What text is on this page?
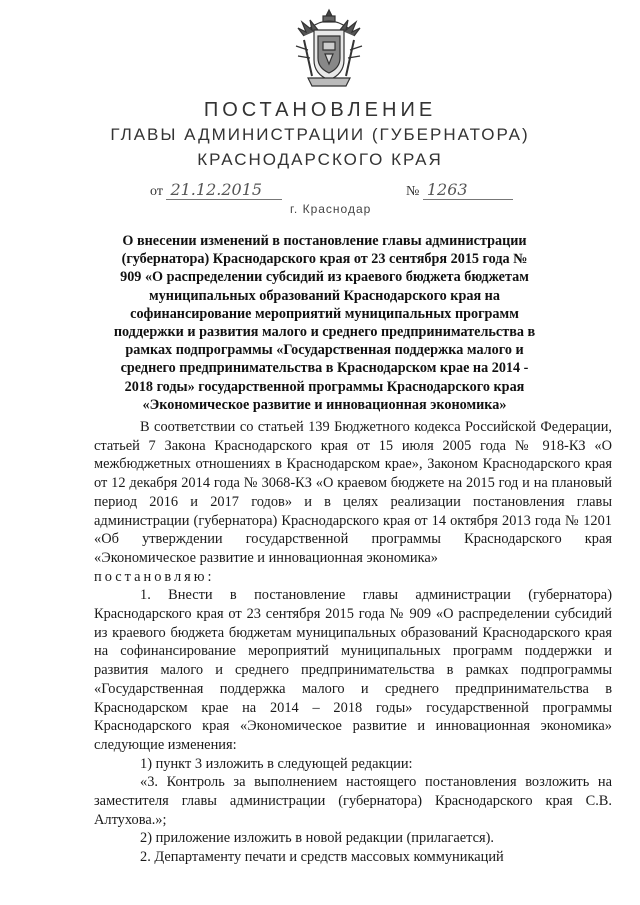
ПОСТАНОВЛЕНИЕ
ГЛАВЫ АДМИНИСТРАЦИИ (ГУБЕРНАТОРА)
КРАСНОДАРСКОГО КРАЯ
от 21.12.2015	№ 1263
г. Краснодар
О внесении изменений в постановление главы администрации (губернатора) Краснодарского края от 23 сентября 2015 года № 909 «О распределении субсидий из краевого бюджета бюджетам муниципальных образований Краснодарского края на софинансирование мероприятий муниципальных программ поддержки и развития малого и среднего предпринимательства в рамках подпрограммы «Государственная поддержка малого и среднего предпринимательства в Краснодарском крае на 2014 - 2018 годы» государственной программы Краснодарского края «Экономическое развитие и инновационная экономика»

В соответствии со статьей 139 Бюджетного кодекса Российской Федерации, статьей 7 Закона Краснодарского края от 15 июля 2005 года № 918-КЗ «О межбюджетных отношениях в Краснодарском крае», Законом Краснодарского края от 12 декабря 2014 года № 3068-КЗ «О краевом бюджете на 2015 год и на плановый период 2016 и 2017 годов» и в целях реализации постановления главы администрации (губернатора) Краснодарского края от 14 октября 2013 года № 1201 «Об утверждении государственной программы Краснодарского края «Экономическое развитие и инновационная экономика»

постановляю:

1. Внести в постановление главы администрации (губернатора) Краснодарского края от 23 сентября 2015 года № 909 «О распределении субсидий из краевого бюджета бюджетам муниципальных образований Краснодарского края на софинансирование мероприятий муниципальных программ поддержки и развития малого и среднего предпринимательства в рамках подпрограммы «Государственная поддержка малого и среднего предпринимательства в Краснодарском крае на 2014 – 2018 годы» государственной программы Краснодарского края «Экономическое развитие и инновационная экономика» следующие изменения:

1) пункт 3 изложить в следующей редакции:

«3. Контроль за выполнением настоящего постановления возложить на заместителя главы администрации (губернатора) Краснодарского края С.В. Алтухова.»;

2) приложение изложить в новой редакции (прилагается).

2. Департаменту печати и средств массовых коммуникаций
